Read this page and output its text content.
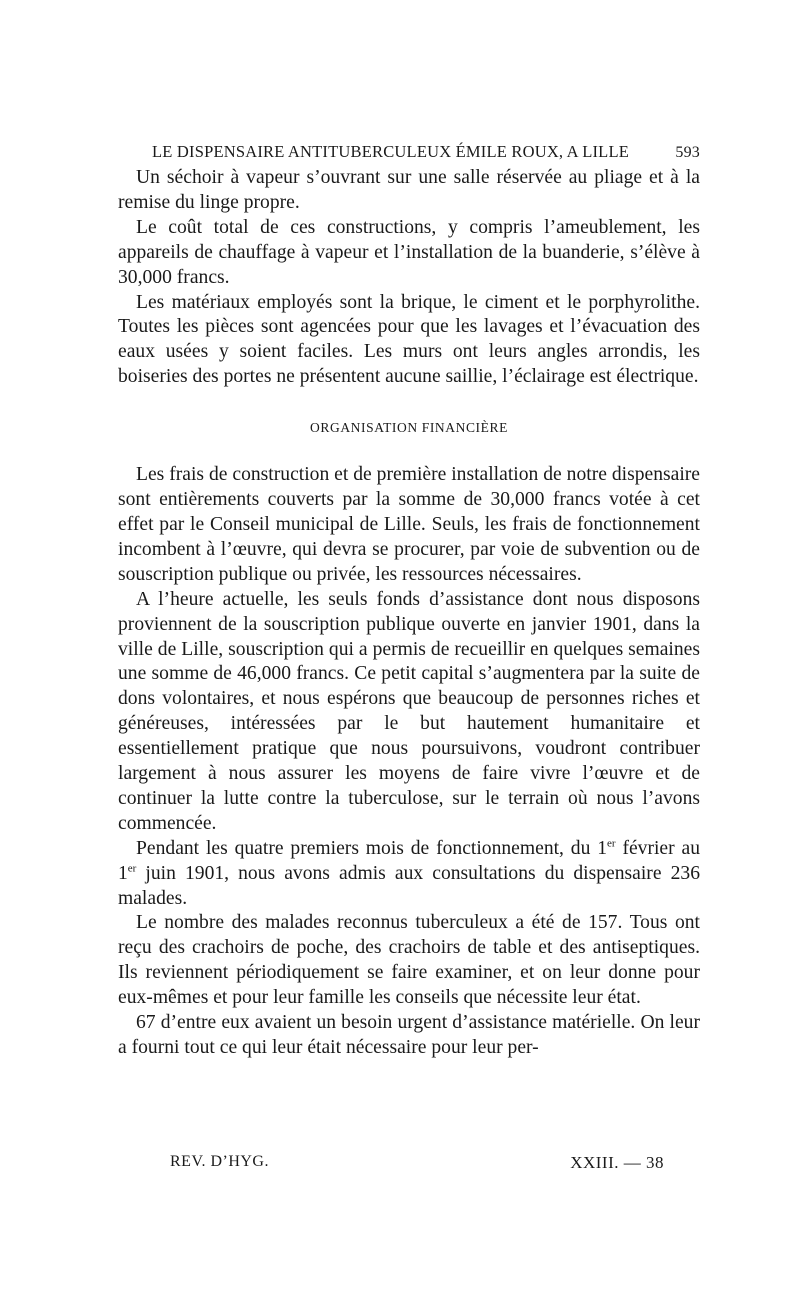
LE DISPENSAIRE ANTITUBERCULEUX ÉMILE ROUX, A LILLE	593

Un séchoir à vapeur s’ouvrant sur une salle réservée au pliage et à la remise du linge propre.

Le coût total de ces constructions, y compris l’ameublement, les appareils de chauffage à vapeur et l’installation de la buanderie, s’élève à 30,000 francs.

Les matériaux employés sont la brique, le ciment et le porphyrolithe. Toutes les pièces sont agencées pour que les lavages et l’évacuation des eaux usées y soient faciles. Les murs ont leurs angles arrondis, les boiseries des portes ne présentent aucune saillie, l’éclairage est électrique.

ORGANISATION FINANCIÈRE

Les frais de construction et de première installation de notre dispensaire sont entièrements couverts par la somme de 30,000 francs votée à cet effet par le Conseil municipal de Lille. Seuls, les frais de fonctionnement incombent à l’œuvre, qui devra se procurer, par voie de subvention ou de souscription publique ou privée, les ressources nécessaires.

A l’heure actuelle, les seuls fonds d’assistance dont nous disposons proviennent de la souscription publique ouverte en janvier 1901, dans la ville de Lille, souscription qui a permis de recueillir en quelques semaines une somme de 46,000 francs. Ce petit capital s’augmentera par la suite de dons volontaires, et nous espérons que beaucoup de personnes riches et généreuses, intéressées par le but hautement humanitaire et essentiellement pratique que nous poursuivons, voudront contribuer largement à nous assurer les moyens de faire vivre l’œuvre et de continuer la lutte contre la tuberculose, sur le terrain où nous l’avons commencée.

Pendant les quatre premiers mois de fonctionnement, du 1er février au 1er juin 1901, nous avons admis aux consultations du dispensaire 236 malades.

Le nombre des malades reconnus tuberculeux a été de 157. Tous ont reçu des crachoirs de poche, des crachoirs de table et des antiseptiques. Ils reviennent périodiquement se faire examiner, et on leur donne pour eux-mêmes et pour leur famille les conseils que nécessite leur état.

67 d’entre eux avaient un besoin urgent d’assistance matérielle. On leur a fourni tout ce qui leur était nécessaire pour leur per-

REV. D’HYG.	XXIII. — 38
